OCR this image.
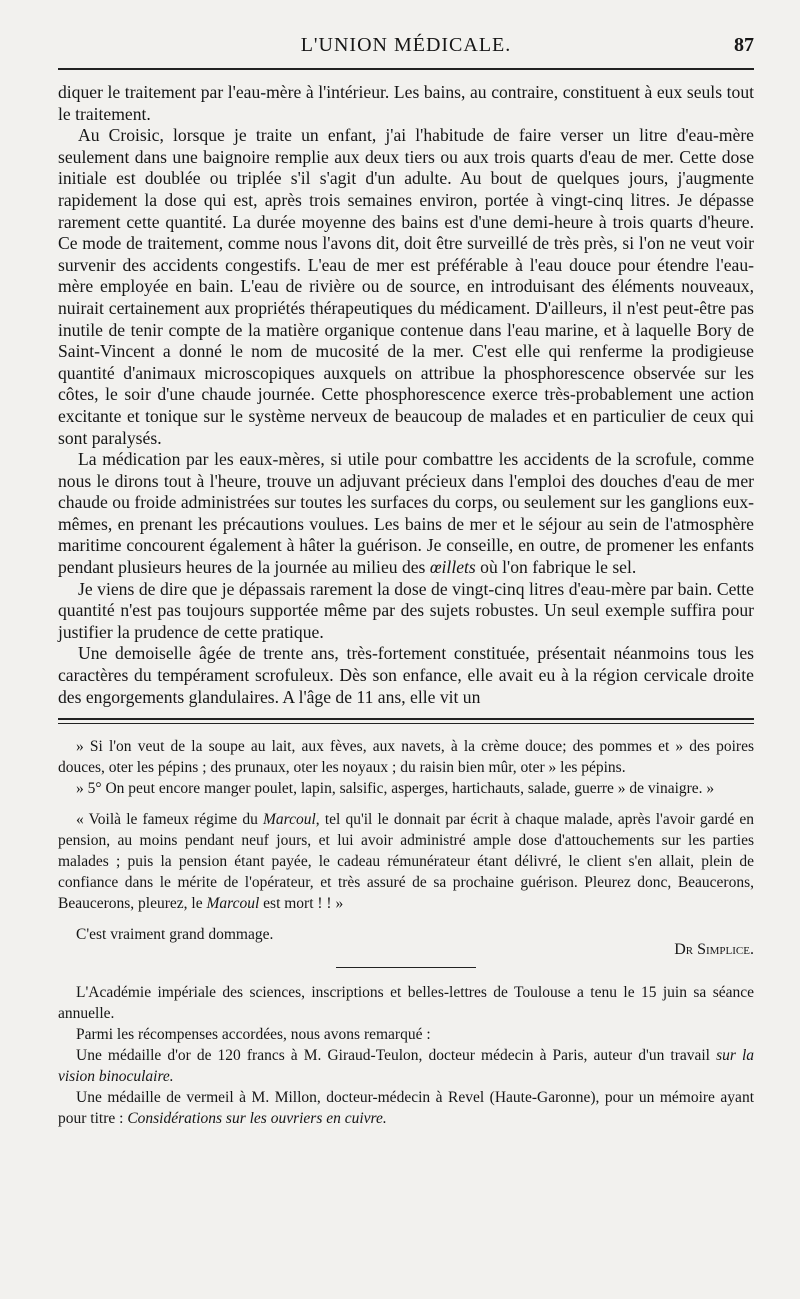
L'UNION MÉDICALE.	87

diquer le traitement par l'eau-mère à l'intérieur. Les bains, au contraire, constituent à eux seuls tout le traitement.

Au Croisic, lorsque je traite un enfant, j'ai l'habitude de faire verser un litre d'eau-mère seulement dans une baignoire remplie aux deux tiers ou aux trois quarts d'eau de mer. Cette dose initiale est doublée ou triplée s'il s'agit d'un adulte. Au bout de quelques jours, j'augmente rapidement la dose qui est, après trois semaines environ, portée à vingt-cinq litres. Je dépasse rarement cette quantité. La durée moyenne des bains est d'une demi-heure à trois quarts d'heure. Ce mode de traitement, comme nous l'avons dit, doit être surveillé de très près, si l'on ne veut voir survenir des accidents congestifs. L'eau de mer est préférable à l'eau douce pour étendre l'eau-mère employée en bain. L'eau de rivière ou de source, en introduisant des éléments nouveaux, nuirait certainement aux propriétés thérapeutiques du médicament. D'ailleurs, il n'est peut-être pas inutile de tenir compte de la matière organique contenue dans l'eau marine, et à laquelle Bory de Saint-Vincent a donné le nom de mucosité de la mer. C'est elle qui renferme la prodigieuse quantité d'animaux microscopiques auxquels on attribue la phosphorescence observée sur les côtes, le soir d'une chaude journée. Cette phosphorescence exerce très-probablement une action excitante et tonique sur le système nerveux de beaucoup de malades et en particulier de ceux qui sont paralysés.

La médication par les eaux-mères, si utile pour combattre les accidents de la scrofule, comme nous le dirons tout à l'heure, trouve un adjuvant précieux dans l'emploi des douches d'eau de mer chaude ou froide administrées sur toutes les surfaces du corps, ou seulement sur les ganglions eux-mêmes, en prenant les précautions voulues. Les bains de mer et le séjour au sein de l'atmosphère maritime concourent également à hâter la guérison. Je conseille, en outre, de promener les enfants pendant plusieurs heures de la journée au milieu des œillets où l'on fabrique le sel.

Je viens de dire que je dépassais rarement la dose de vingt-cinq litres d'eau-mère par bain. Cette quantité n'est pas toujours supportée même par des sujets robustes. Un seul exemple suffira pour justifier la prudence de cette pratique.

Une demoiselle âgée de trente ans, très-fortement constituée, présentait néanmoins tous les caractères du tempérament scrofuleux. Dès son enfance, elle avait eu à la région cervicale droite des engorgements glandulaires. A l'âge de 11 ans, elle vit un

» Si l'on veut de la soupe au lait, aux fèves, aux navets, à la crème douce; des pommes et » des poires douces, oter les pépins ; des prunaux, oter les noyaux ; du raisin bien mûr, oter » les pépins.

» 5° On peut encore manger poulet, lapin, salsific, asperges, hartichauts, salade, guerre » de vinaigre. »

« Voilà le fameux régime du Marcoul, tel qu'il le donnait par écrit à chaque malade, après l'avoir gardé en pension, au moins pendant neuf jours, et lui avoir administré ample dose d'attouchements sur les parties malades ; puis la pension étant payée, le cadeau rémunérateur étant délivré, le client s'en allait, plein de confiance dans le mérite de l'opérateur, et très assuré de sa prochaine guérison. Pleurez donc, Beaucerons, Beaucerons, pleurez, le Marcoul est mort ! ! »

C'est vraiment grand dommage.

Dr Simplice.

L'Académie impériale des sciences, inscriptions et belles-lettres de Toulouse a tenu le 15 juin sa séance annuelle.

Parmi les récompenses accordées, nous avons remarqué :

Une médaille d'or de 120 francs à M. Giraud-Teulon, docteur médecin à Paris, auteur d'un travail sur la vision binoculaire.

Une médaille de vermeil à M. Millon, docteur-médecin à Revel (Haute-Garonne), pour un mémoire ayant pour titre : Considérations sur les ouvriers en cuivre.
